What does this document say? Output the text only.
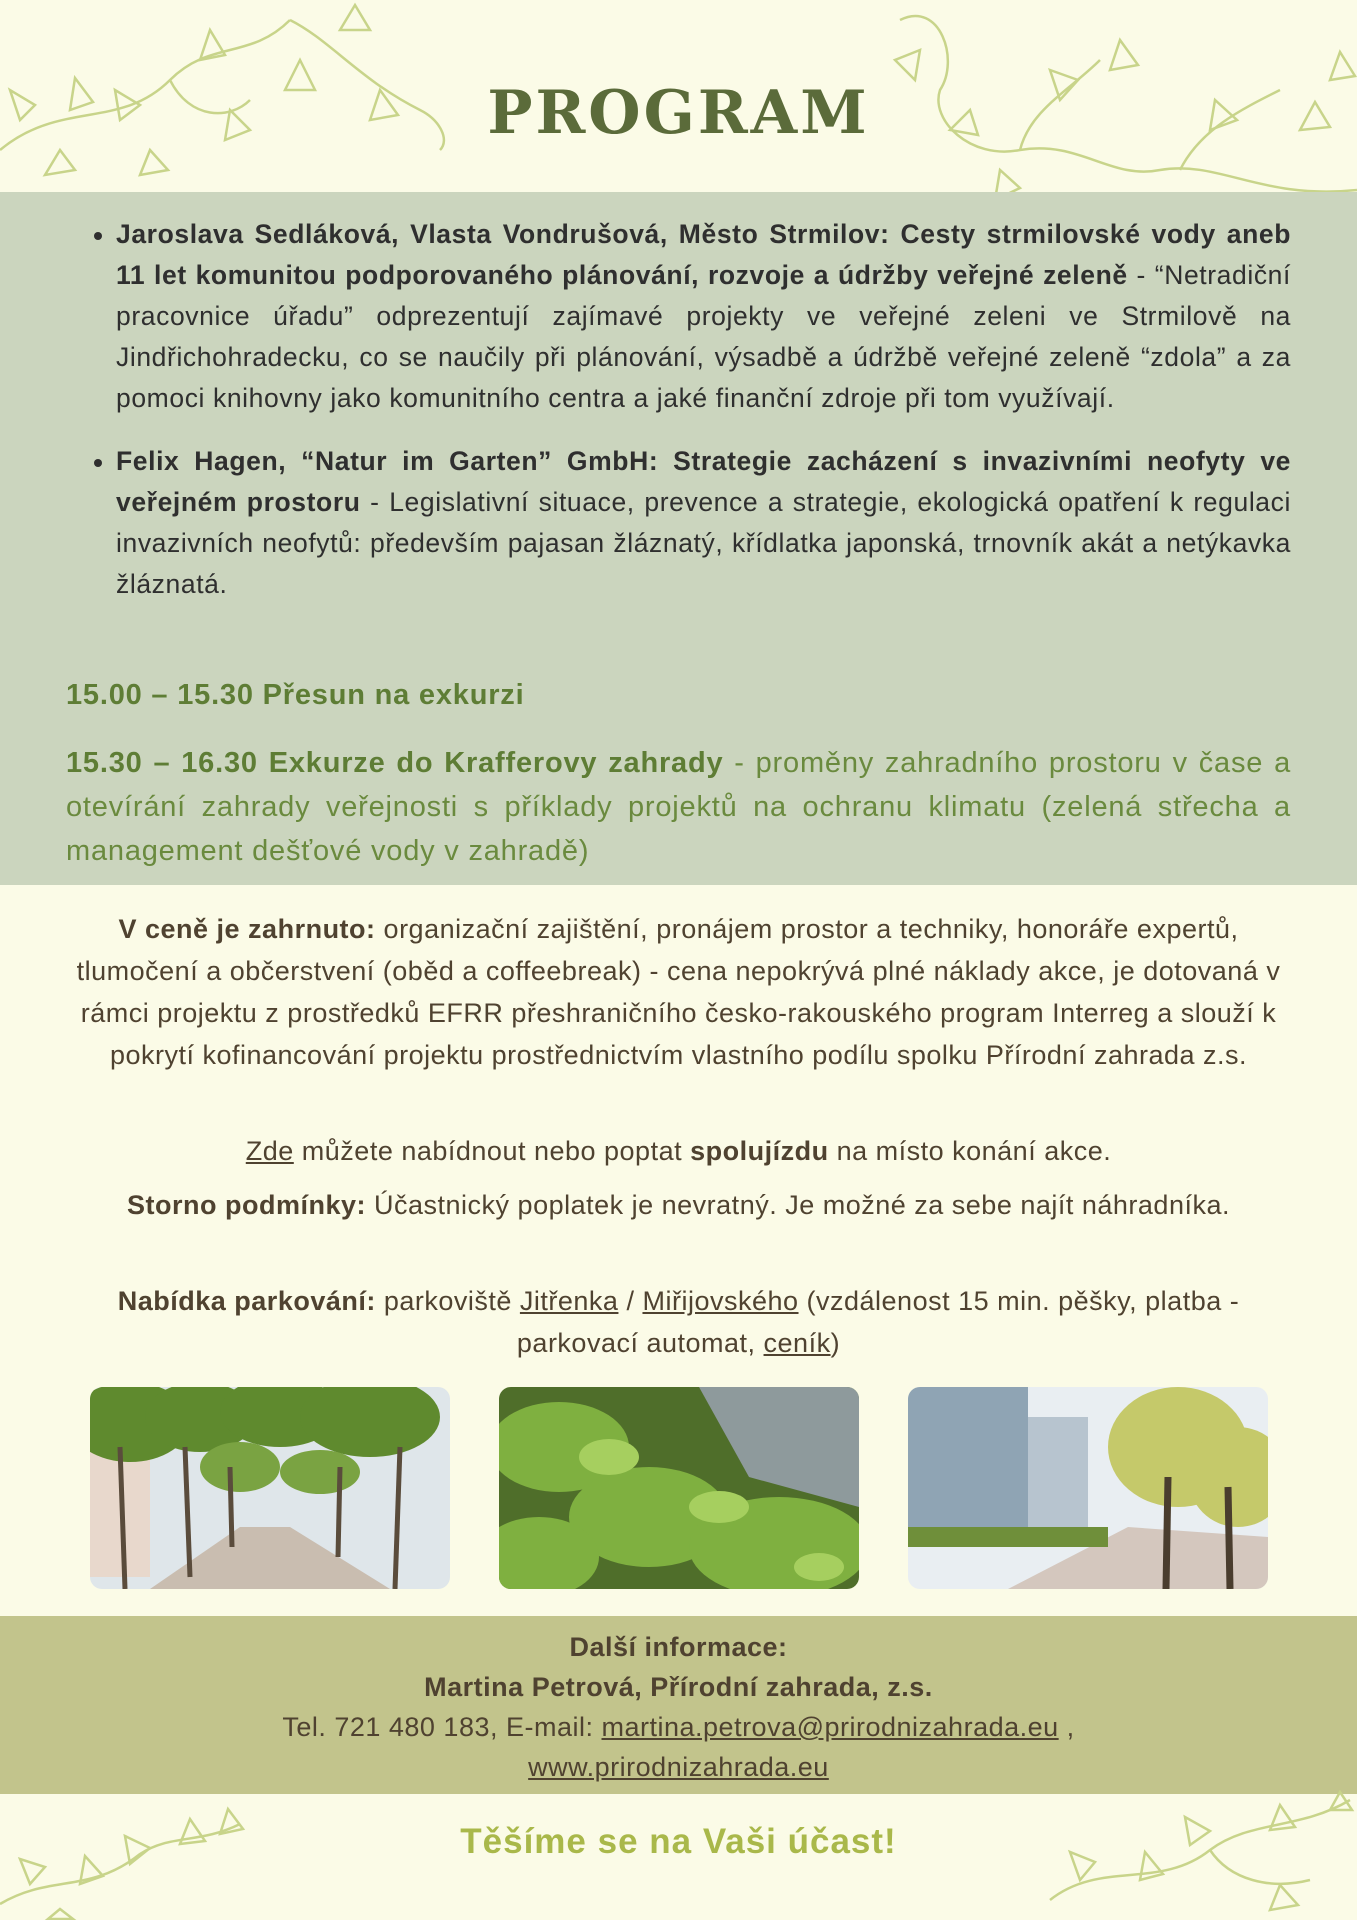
PROGRAM
Jaroslava Sedláková, Vlasta Vondrušová, Město Strmilov: Cesty strmilovské vody aneb 11 let komunitou podporovaného plánování, rozvoje a údržby veřejné zeleně - “Netradiční pracovnice úřadu” odprezentují zajímavé projekty ve veřejné zeleni ve Strmilově na Jindřichohradecku, co se naučily při plánování, výsadbě a údržbě veřejné zeleně “zdola” a za pomoci knihovny jako komunitního centra a jaké finanční zdroje při tom využívají.
Felix Hagen, “Natur im Garten” GmbH: Strategie zacházení s invazivními neofyty ve veřejném prostoru - Legislativní situace, prevence a strategie, ekologická opatření k regulaci invazivních neofytů: především pajasan žláznatý, křídlatka japonská, trnovník akát a netýkavka žláznatá.
15.00 – 15.30 Přesun na exkurzi
15.30 – 16.30 Exkurze do Krafferovy zahrady - proměny zahradního prostoru v čase a otevírání zahrady veřejnosti s příklady projektů na ochranu klimatu (zelená střecha a management dešťové vody v zahradě)
V ceně je zahrnuto: organizační zajištění, pronájem prostor a techniky, honoráře expertů, tlumočení a občerstvení (oběd a coffeebreak) - cena nepokrývá plné náklady akce, je dotovaná v rámci projektu z prostředků EFRR přeshraničního česko-rakouského program Interreg a slouží k pokrytí kofinancování projektu prostřednictvím vlastního podílu spolku Přírodní zahrada z.s.
Zde můžete nabídnout nebo poptat spolujízdu na místo konání akce.
Storno podmínky: Účastnický poplatek je nevratný. Je možné za sebe najít náhradníka.
Nabídka parkování: parkoviště Jitřenka / Miřijovského (vzdálenost 15 min. pěšky, platba - parkovací automat, ceník)
Další informace:
Martina Petrová, Přírodní zahrada, z.s.
Tel. 721 480 183, E-mail: martina.petrova@prirodnizahrada.eu ,
www.prirodnizahrada.eu
Těšíme se na Vaši účast!
